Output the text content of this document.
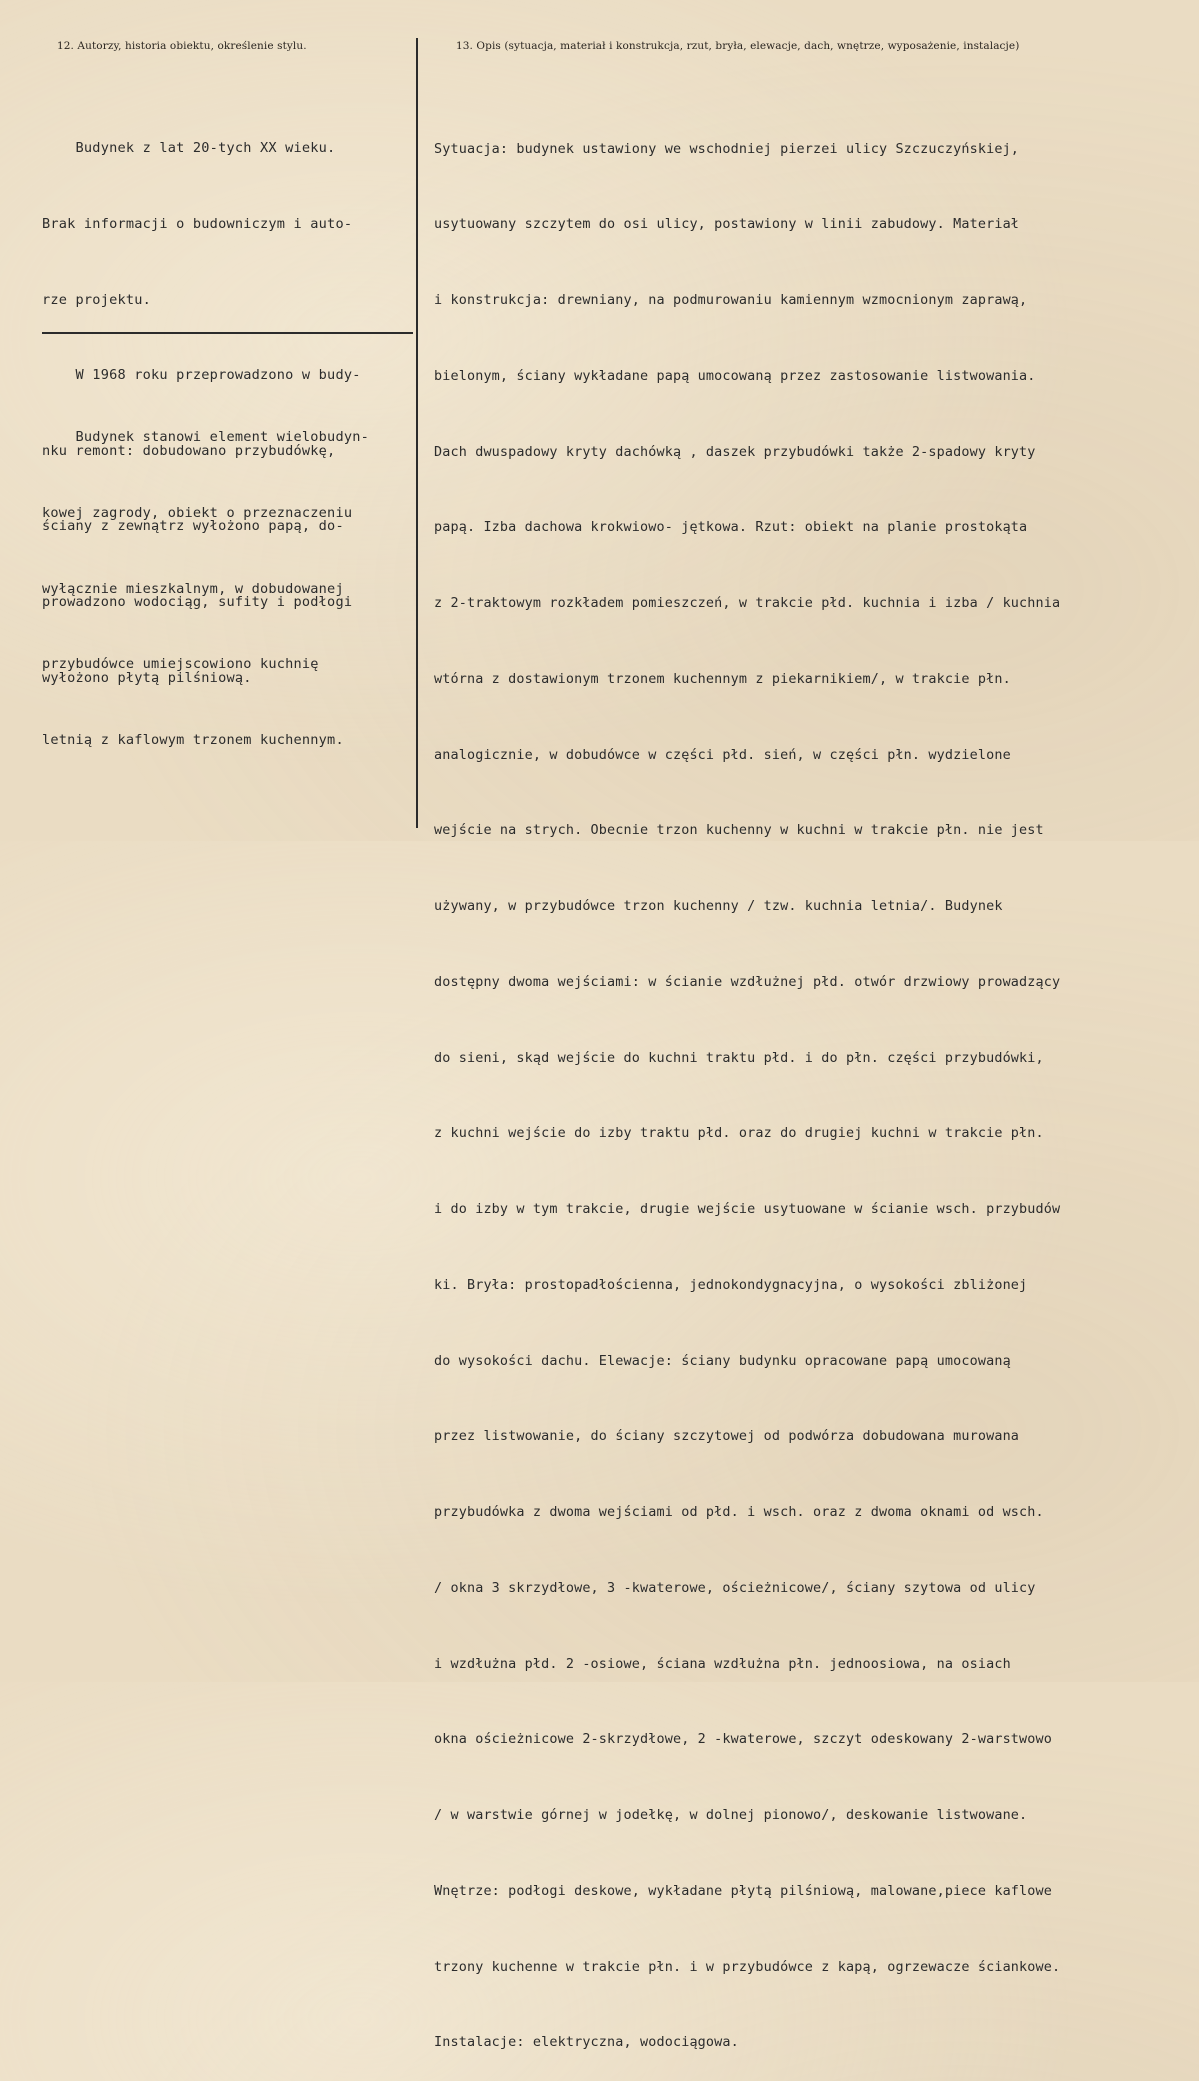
12. Autorzy, historia obiektu, określenie stylu.	13. Opis (sytuacja, materiał i konstrukcja, rzut, bryła, elewacje, dach, wnętrze, wyposażenie, instalacje)

Budynek z lat 20-tych XX wieku.

Brak informacji o budowniczym i auto-

rze projektu.

W 1968 roku przeprowadzono w budy-

nku remont: dobudowano przybudówkę,

ściany z zewnątrz wyłożono papą, do-

prowadzono wodociąg, sufity i podłogi

wyłożono płytą pilśniową.

Budynek stanowi element wielobudyn-

kowej zagrody, obiekt o przeznaczeniu

wyłącznie mieszkalnym, w dobudowanej

przybudówce umiejscowiono kuchnię

letnią z kaflowym trzonem kuchennym.

Sytuacja: budynek ustawiony we wschodniej pierzei ulicy Szczuczyńskiej,

usytuowany szczytem do osi ulicy, postawiony w linii zabudowy. Materiał

i konstrukcja: drewniany, na podmurowaniu kamiennym wzmocnionym zaprawą,

bielonym, ściany wykładane papą umocowaną przez zastosowanie listwowania.

Dach dwuspadowy kryty dachówką , daszek przybudówki także 2-spadowy kryty

papą. Izba dachowa krokwiowo- jętkowa. Rzut: obiekt na planie prostokąta

z 2-traktowym rozkładem pomieszczeń, w trakcie płd. kuchnia i izba / kuchnia

wtórna z dostawionym trzonem kuchennym z piekarnikiem/, w trakcie płn.

analogicznie, w dobudówce w części płd. sień, w części płn. wydzielone

wejście na strych. Obecnie trzon kuchenny w kuchni w trakcie płn. nie jest

używany, w przybudówce trzon kuchenny / tzw. kuchnia letnia/. Budynek

dostępny dwoma wejściami: w ścianie wzdłużnej płd. otwór drzwiowy prowadzący

do sieni, skąd wejście do kuchni traktu płd. i do płn. części przybudówki,

z kuchni wejście do izby traktu płd. oraz do drugiej kuchni w trakcie płn.

i do izby w tym trakcie, drugie wejście usytuowane w ścianie wsch. przybudów

ki. Bryła: prostopadłościenna, jednokondygnacyjna, o wysokości zbliżonej

do wysokości dachu. Elewacje: ściany budynku opracowane papą umocowaną

przez listwowanie, do ściany szczytowej od podwórza dobudowana murowana

przybudówka z dwoma wejściami od płd. i wsch. oraz z dwoma oknami od wsch.

/ okna 3 skrzydłowe, 3 -kwaterowe, ościeżnicowe/, ściany szytowa od ulicy

i wzdłużna płd. 2 -osiowe, ściana wzdłużna płn. jednoosiowa, na osiach

okna ościeżnicowe 2-skrzydłowe, 2 -kwaterowe, szczyt odeskowany 2-warstwowo

/ w warstwie górnej w jodełkę, w dolnej pionowo/, deskowanie listwowane.

Wnętrze: podłogi deskowe, wykładane płytą pilśniową, malowane,piece kaflowe

trzony kuchenne w trakcie płn. i w przybudówce z kapą, ogrzewacze ściankowe.

Instalacje: elektryczna, wodociągowa.
